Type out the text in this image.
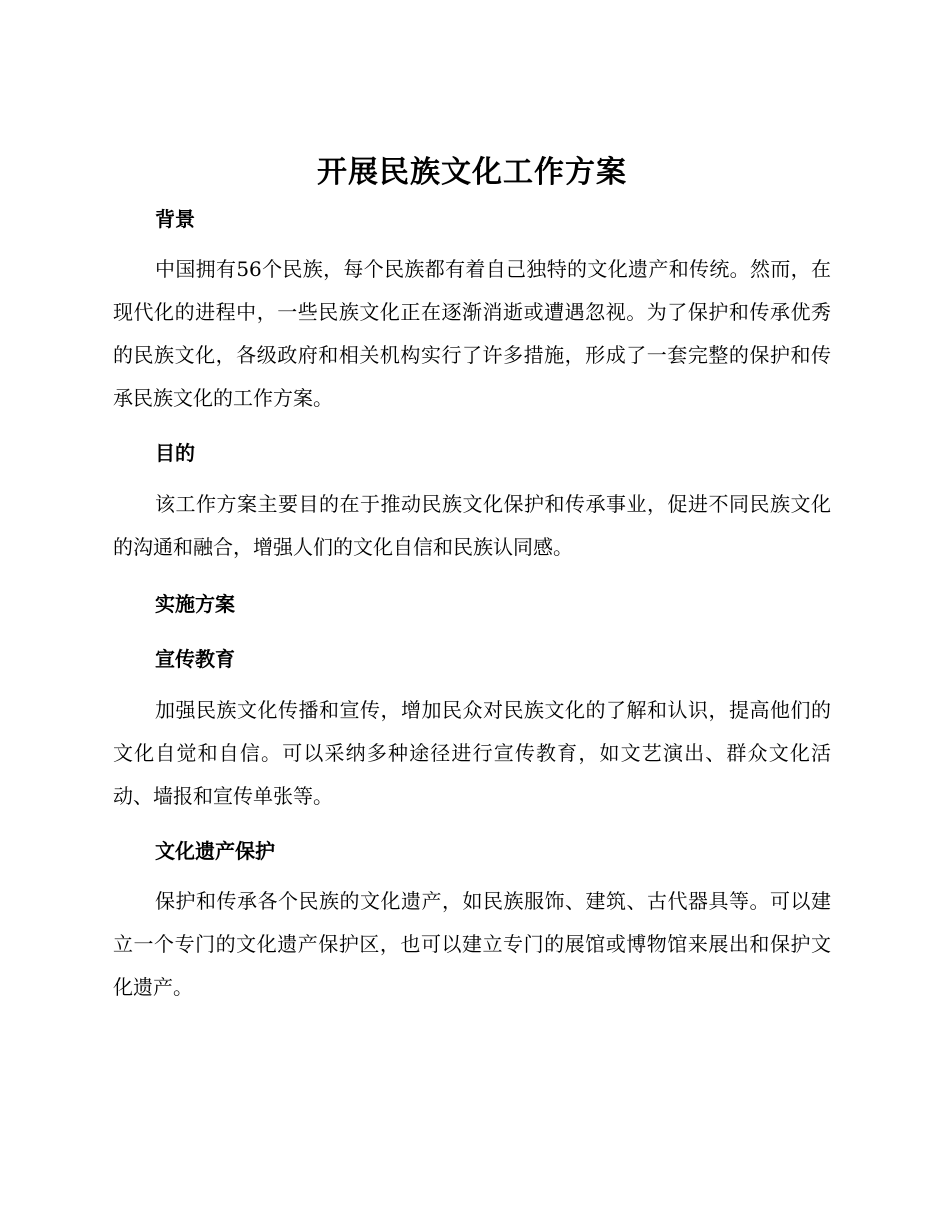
开展民族文化工作方案
背景

中国拥有56个民族，每个民族都有着自己独特的文化遗产和传统。然而，在现代化的进程中，一些民族文化正在逐渐消逝或遭遇忽视。为了保护和传承优秀的民族文化，各级政府和相关机构实行了许多措施，形成了一套完整的保护和传承民族文化的工作方案。

目的

该工作方案主要目的在于推动民族文化保护和传承事业，促进不同民族文化的沟通和融合，增强人们的文化自信和民族认同感。

实施方案
宣传教育

加强民族文化传播和宣传，增加民众对民族文化的了解和认识，提高他们的文化自觉和自信。可以采纳多种途径进行宣传教育，如文艺演出、群众文化活动、墙报和宣传单张等。

文化遗产保护

保护和传承各个民族的文化遗产，如民族服饰、建筑、古代器具等。可以建立一个专门的文化遗产保护区，也可以建立专门的展馆或博物馆来展出和保护文化遗产。
